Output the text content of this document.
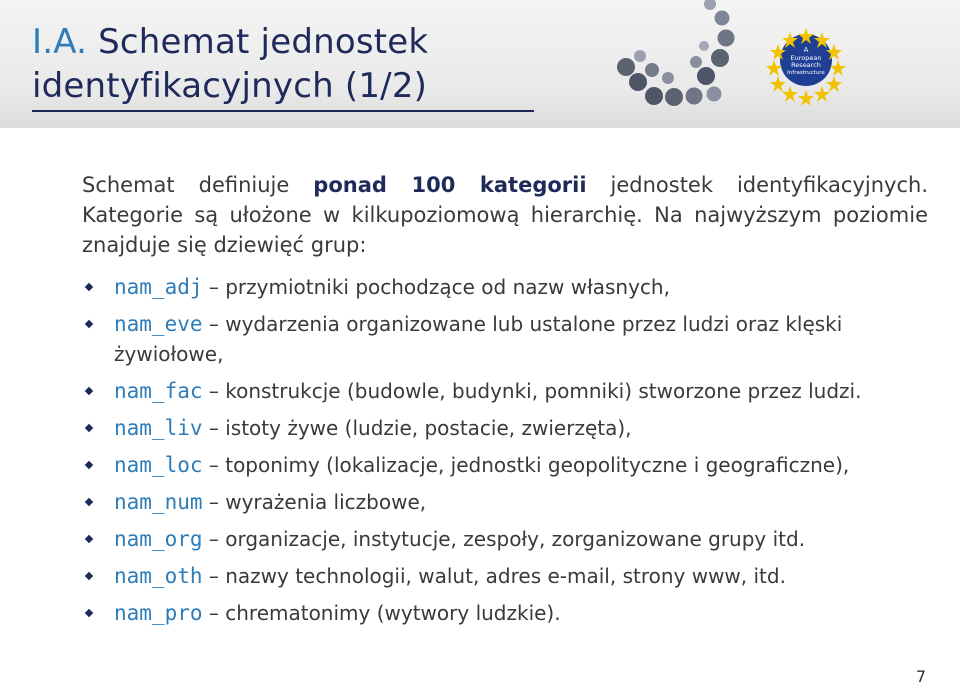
I.A. Schemat jednostek identyfikacyjnych (1/2)
A
European
Research
Infrastructure
Schemat definiuje ponad 100 kategorii jednostek identyfikacyjnych. Kategorie są ułożone w kilkupoziomową hierarchię. Na najwyższym poziomie znajduje się dziewięć grup:
nam_adj – przymiotniki pochodzące od nazw własnych,
nam_eve – wydarzenia organizowane lub ustalone przez ludzi oraz klęski żywiołowe,
nam_fac – konstrukcje (budowle, budynki, pomniki) stworzone przez ludzi.
nam_liv – istoty żywe (ludzie, postacie, zwierzęta),
nam_loc – toponimy (lokalizacje, jednostki geopolityczne i geograficzne),
nam_num – wyrażenia liczbowe,
nam_org – organizacje, instytucje, zespoły, zorganizowane grupy itd.
nam_oth – nazwy technologii, walut, adres e-mail, strony www, itd.
nam_pro – chrematonimy (wytwory ludzkie).
7
